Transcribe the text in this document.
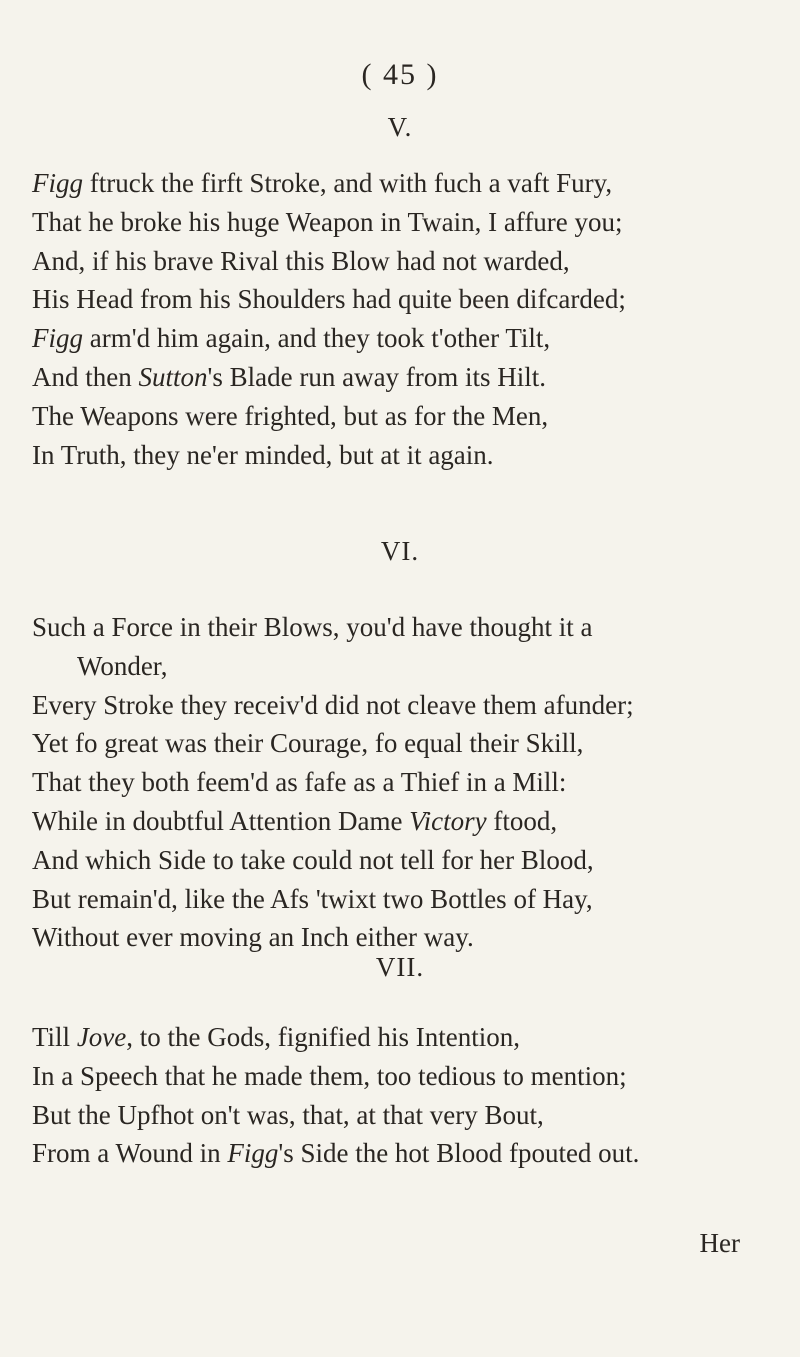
( 45 )
V.
Figg ftruck the firft Stroke, and with fuch a vaft Fury,
That he broke his huge Weapon in Twain, I affure you;
And, if his brave Rival this Blow had not warded,
His Head from his Shoulders had quite been difcarded;
Figg arm'd him again, and they took t'other Tilt,
And then Sutton's Blade run away from its Hilt.
The Weapons were frighted, but as for the Men,
In Truth, they ne'er minded, but at it again.
VI.
Such a Force in their Blows, you'd have thought it a
Wonder,
Every Stroke they receiv'd did not cleave them afunder;
Yet fo great was their Courage, fo equal their Skill,
That they both feem'd as fafe as a Thief in a Mill:
While in doubtful Attention Dame Victory ftood,
And which Side to take could not tell for her Blood,
But remain'd, like the Afs 'twixt two Bottles of Hay,
Without ever moving an Inch either way.
VII.
Till Jove, to the Gods, fignified his Intention,
In a Speech that he made them, too tedious to mention;
But the Upfhot on't was, that, at that very Bout,
From a Wound in Figg's Side the hot Blood fpouted out.
Her
